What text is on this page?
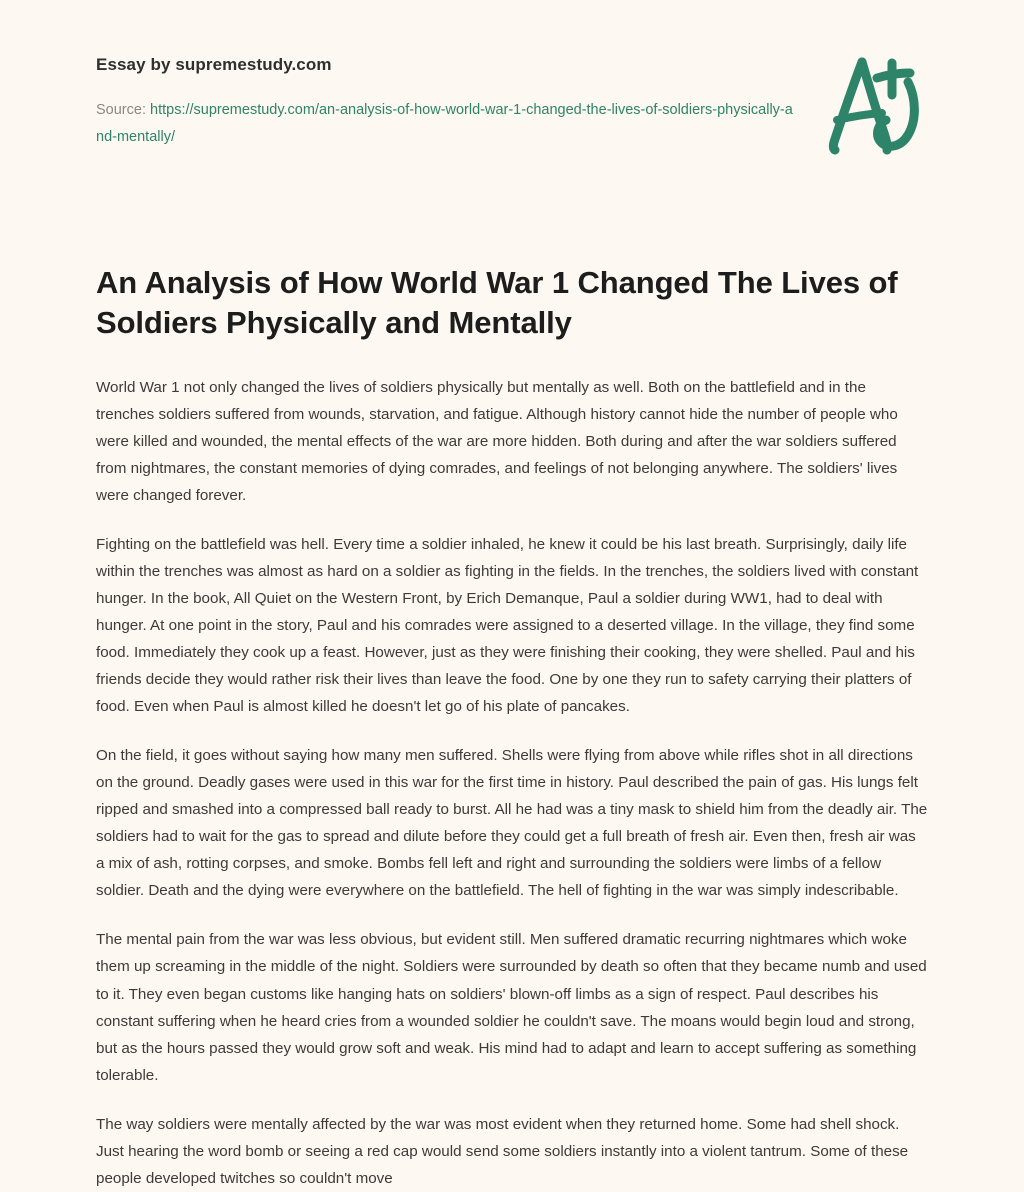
Essay by supremestudy.com
Source: https://supremestudy.com/an-analysis-of-how-world-war-1-changed-the-lives-of-soldiers-physically-and-mentally/
An Analysis of How World War 1 Changed The Lives of Soldiers Physically and Mentally

World War 1 not only changed the lives of soldiers physically but mentally as well. Both on the battlefield and in the trenches soldiers suffered from wounds, starvation, and fatigue. Although history cannot hide the number of people who were killed and wounded, the mental effects of the war are more hidden. Both during and after the war soldiers suffered from nightmares, the constant memories of dying comrades, and feelings of not belonging anywhere. The soldiers' lives were changed forever.

Fighting on the battlefield was hell. Every time a soldier inhaled, he knew it could be his last breath. Surprisingly, daily life within the trenches was almost as hard on a soldier as fighting in the fields. In the trenches, the soldiers lived with constant hunger. In the book, All Quiet on the Western Front, by Erich Demanque, Paul a soldier during WW1, had to deal with hunger. At one point in the story, Paul and his comrades were assigned to a deserted village. In the village, they find some food. Immediately they cook up a feast. However, just as they were finishing their cooking, they were shelled. Paul and his friends decide they would rather risk their lives than leave the food. One by one they run to safety carrying their platters of food. Even when Paul is almost killed he doesn't let go of his plate of pancakes.

On the field, it goes without saying how many men suffered. Shells were flying from above while rifles shot in all directions on the ground. Deadly gases were used in this war for the first time in history. Paul described the pain of gas. His lungs felt ripped and smashed into a compressed ball ready to burst. All he had was a tiny mask to shield him from the deadly air. The soldiers had to wait for the gas to spread and dilute before they could get a full breath of fresh air. Even then, fresh air was a mix of ash, rotting corpses, and smoke. Bombs fell left and right and surrounding the soldiers were limbs of a fellow soldier. Death and the dying were everywhere on the battlefield. The hell of fighting in the war was simply indescribable.

The mental pain from the war was less obvious, but evident still. Men suffered dramatic recurring nightmares which woke them up screaming in the middle of the night. Soldiers were surrounded by death so often that they became numb and used to it. They even began customs like hanging hats on soldiers' blown-off limbs as a sign of respect. Paul describes his constant suffering when he heard cries from a wounded soldier he couldn't save. The moans would begin loud and strong, but as the hours passed they would grow soft and weak. His mind had to adapt and learn to accept suffering as something tolerable.

The way soldiers were mentally affected by the war was most evident when they returned home. Some had shell shock. Just hearing the word bomb or seeing a red cap would send some soldiers instantly into a violent tantrum. Some of these people developed twitches so couldn't move
